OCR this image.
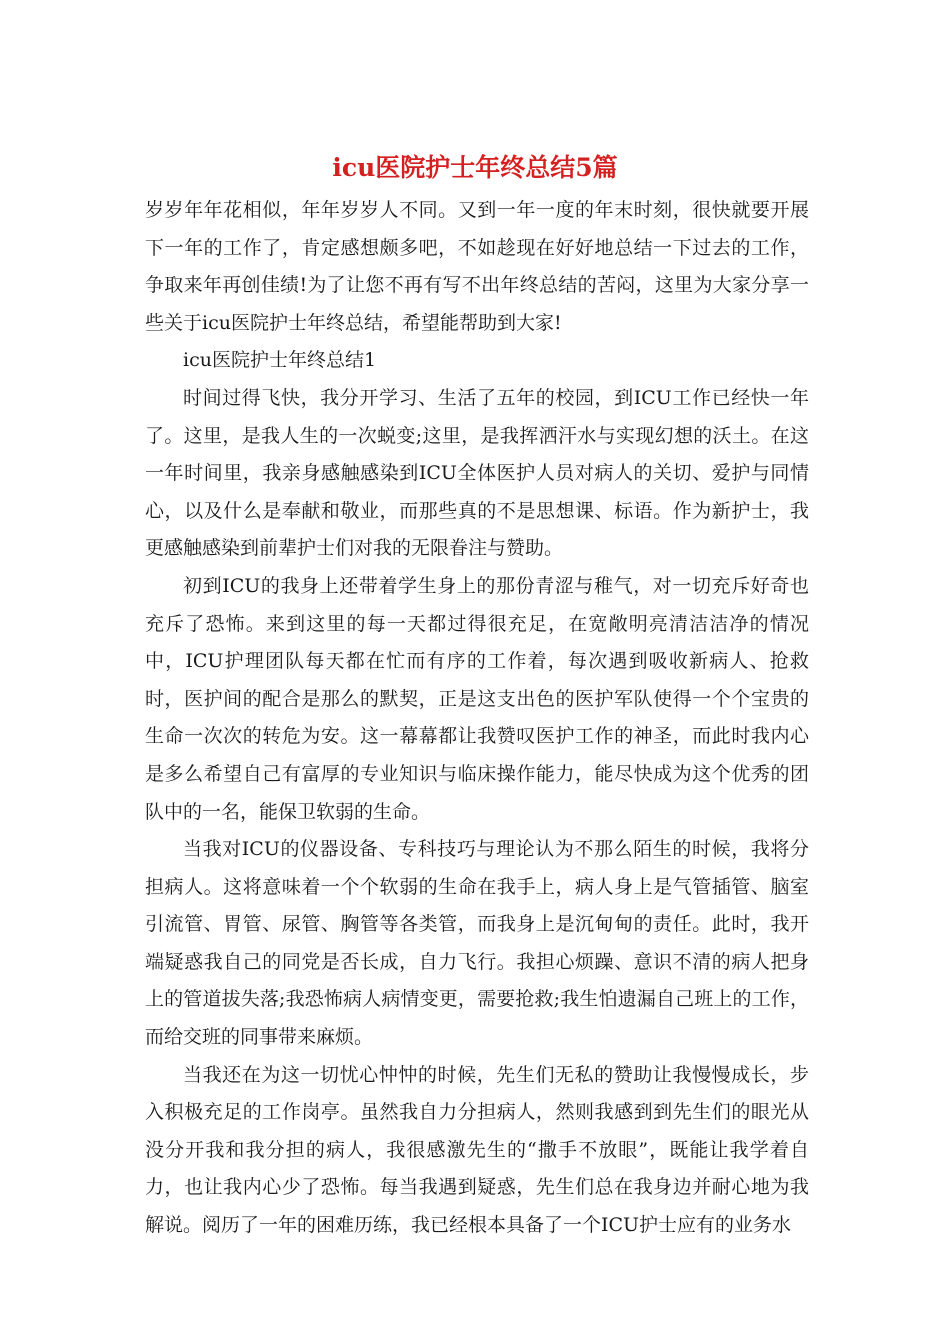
icu医院护士年终总结5篇

岁岁年年花相似，年年岁岁人不同。又到一年一度的年末时刻，很快就要开展下一年的工作了，肯定感想颇多吧，不如趁现在好好地总结一下过去的工作，争取来年再创佳绩!为了让您不再有写不出年终总结的苦闷，这里为大家分享一些关于icu医院护士年终总结，希望能帮助到大家!

icu医院护士年终总结1

时间过得飞快，我分开学习、生活了五年的校园，到ICU工作已经快一年了。这里，是我人生的一次蜕变;这里，是我挥洒汗水与实现幻想的沃土。在这一年时间里，我亲身感触感染到ICU全体医护人员对病人的关切、爱护与同情心，以及什么是奉献和敬业，而那些真的不是思想课、标语。作为新护士，我更感触感染到前辈护士们对我的无限眷注与赞助。

初到ICU的我身上还带着学生身上的那份青涩与稚气，对一切充斥好奇也充斥了恐怖。来到这里的每一天都过得很充足，在宽敞明亮清洁洁净的情况中，ICU护理团队每天都在忙而有序的工作着，每次遇到吸收新病人、抢救时，医护间的配合是那么的默契，正是这支出色的医护军队使得一个个宝贵的生命一次次的转危为安。这一幕幕都让我赞叹医护工作的神圣，而此时我内心是多么希望自己有富厚的专业知识与临床操作能力，能尽快成为这个优秀的团队中的一名，能保卫软弱的生命。

当我对ICU的仪器设备、专科技巧与理论认为不那么陌生的时候，我将分担病人。这将意味着一个个软弱的生命在我手上，病人身上是气管插管、脑室引流管、胃管、尿管、胸管等各类管，而我身上是沉甸甸的责任。此时，我开端疑惑我自己的同党是否长成，自力飞行。我担心烦躁、意识不清的病人把身上的管道拔失落;我恐怖病人病情变更，需要抢救;我生怕遗漏自己班上的工作，而给交班的同事带来麻烦。

当我还在为这一切忧心忡忡的时候，先生们无私的赞助让我慢慢成长，步入积极充足的工作岗亭。虽然我自力分担病人，然则我感到到先生们的眼光从没分开我和我分担的病人，我很感激先生的“撒手不放眼”，既能让我学着自力，也让我内心少了恐怖。每当我遇到疑惑，先生们总在我身边并耐心地为我解说。阅历了一年的困难历练，我已经根本具备了一个ICU护士应有的业务水
